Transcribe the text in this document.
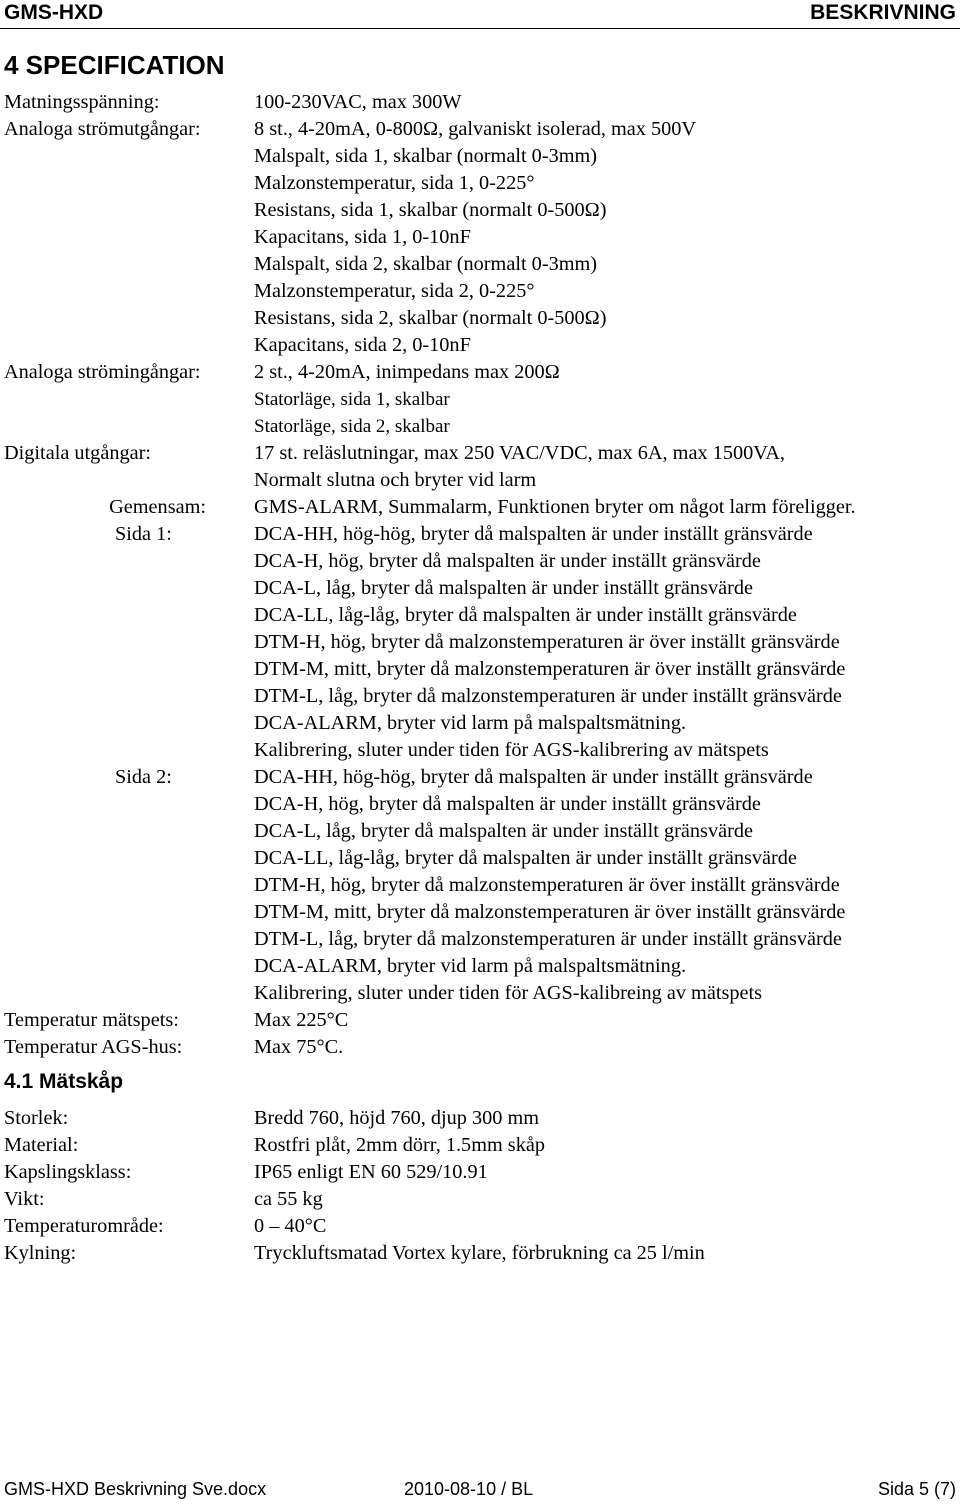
GMS-HXD	BESKRIVNING
4 SPECIFICATION
Matningsspänning:	100-230VAC, max 300W
Analoga strömutgångar:	8 st., 4-20mA, 0-800Ω, galvaniskt isolerad, max 500V
Malspalt, sida 1, skalbar (normalt 0-3mm)
Malzonstemperatur, sida 1, 0-225°
Resistans, sida 1, skalbar (normalt 0-500Ω)
Kapacitans, sida 1, 0-10nF
Malspalt, sida 2, skalbar (normalt 0-3mm)
Malzonstemperatur, sida 2, 0-225°
Resistans, sida 2, skalbar (normalt 0-500Ω)
Kapacitans, sida 2, 0-10nF
Analoga strömingångar:	2 st., 4-20mA, inimpedans max 200Ω
Statorläge, sida 1, skalbar
Statorläge, sida 2, skalbar
Digitala utgångar:	17 st. reläslutningar, max 250 VAC/VDC, max 6A, max 1500VA,
Normalt slutna och bryter vid larm
Gemensam: GMS-ALARM, Summalarm, Funktionen bryter om något larm föreligger.
Sida 1:	DCA-HH, hög-hög, bryter då malspalten är under inställt gränsvärde
DCA-H, hög, bryter då malspalten är under inställt gränsvärde
DCA-L, låg, bryter då malspalten är under inställt gränsvärde
DCA-LL, låg-låg, bryter då malspalten är under inställt gränsvärde
DTM-H, hög, bryter då malzonstemperaturen är över inställt gränsvärde
DTM-M, mitt, bryter då malzonstemperaturen är över inställt gränsvärde
DTM-L, låg, bryter då malzonstemperaturen är under inställt gränsvärde
DCA-ALARM, bryter vid larm på malspaltsmätning.
Kalibrering, sluter under tiden för AGS-kalibrering av mätspets
Sida 2:	DCA-HH, hög-hög, bryter då malspalten är under inställt gränsvärde
DCA-H, hög, bryter då malspalten är under inställt gränsvärde
DCA-L, låg, bryter då malspalten är under inställt gränsvärde
DCA-LL, låg-låg, bryter då malspalten är under inställt gränsvärde
DTM-H, hög, bryter då malzonstemperaturen är över inställt gränsvärde
DTM-M, mitt, bryter då malzonstemperaturen är över inställt gränsvärde
DTM-L, låg, bryter då malzonstemperaturen är under inställt gränsvärde
DCA-ALARM, bryter vid larm på malspaltsmätning.
Kalibrering, sluter under tiden för AGS-kalibreing av mätspets
Temperatur mätspets:	Max 225°C
Temperatur AGS-hus:	Max 75°C.
4.1 Mätskåp
Storlek:	Bredd 760, höjd 760, djup 300 mm
Material:	Rostfri plåt, 2mm dörr, 1.5mm skåp
Kapslingsklass:	IP65 enligt EN 60 529/10.91
Vikt:	ca 55 kg
Temperaturområde:	0 – 40°C
Kylning:	Tryckluftsmatad Vortex kylare, förbrukning ca 25 l/min
GMS-HXD Beskrivning Sve.docx	2010-08-10 / BL	Sida 5 (7)
